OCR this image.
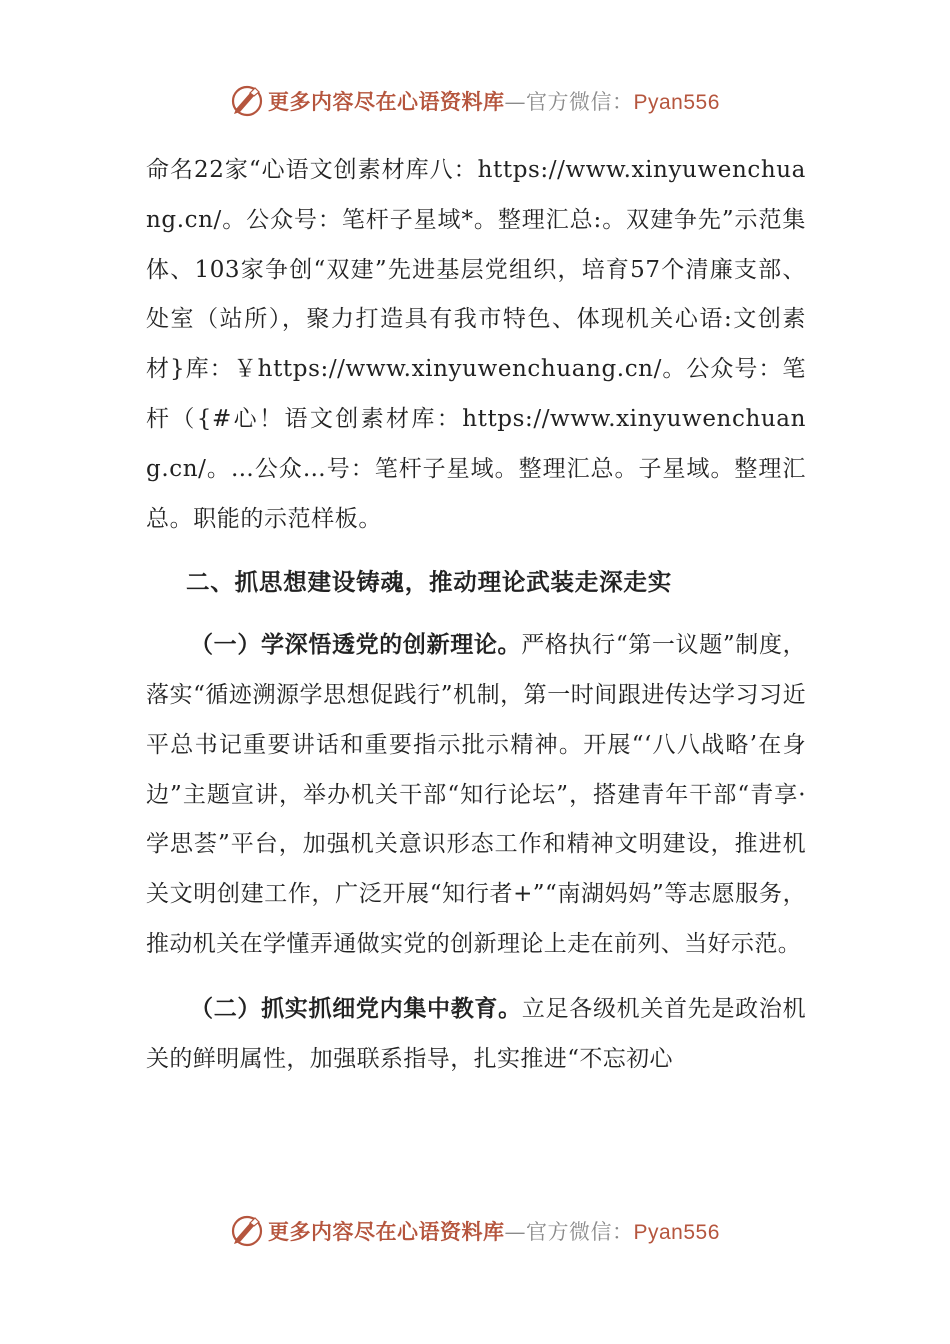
更多内容尽在心语资料库—官方微信：Pyan556

命名22家“心语文创素材库八：https://www.xinyuwenchuang.cn/。公众号：笔杆子星域*。整理汇总:。双建争先”示范集体、103家争创“双建”先进基层党组织，培育57个清廉支部、处室（站所），聚力打造具有我市特色、体现机关心语:文创素材}库：￥https://www.xinyuwenchuang.cn/。公众号：笔杆（{#心！语文创素材库：https://www.xinyuwenchuang.cn/。…公众…号：笔杆子星域。整理汇总。子星域。整理汇总。职能的示范样板。

二、抓思想建设铸魂，推动理论武装走深走实

（一）学深悟透党的创新理论。严格执行“第一议题”制度，落实“循迹溯源学思想促践行”机制，第一时间跟进传达学习习近平总书记重要讲话和重要指示批示精神。开展“‘八八战略’在身边”主题宣讲，举办机关干部“知行论坛”，搭建青年干部“青享·学思荟”平台，加强机关意识形态工作和精神文明建设，推进机关文明创建工作，广泛开展“知行者+”“南湖妈妈”等志愿服务，推动机关在学懂弄通做实党的创新理论上走在前列、当好示范。

（二）抓实抓细党内集中教育。立足各级机关首先是政治机关的鲜明属性，加强联系指导，扎实推进“不忘初心

更多内容尽在心语资料库—官方微信：Pyan556
